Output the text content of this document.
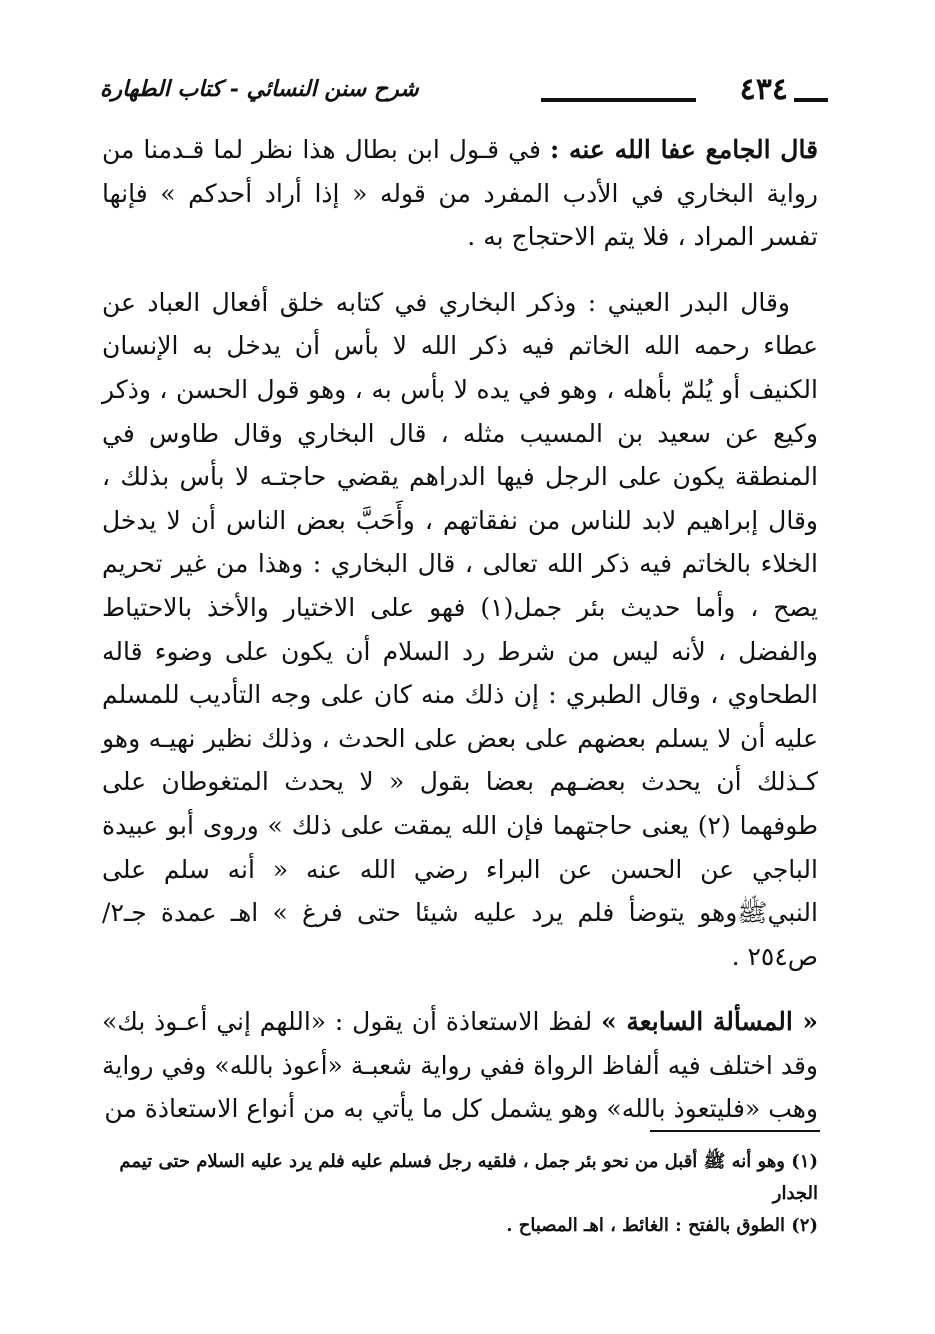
٤٣٤
شرح سنن النسائي - كتاب الطهارة

قال الجامع عفا الله عنه : في قـول ابن بطال هذا نظر لما قـدمنا من رواية البخاري في الأدب المفرد من قوله « إذا أراد أحدكم » فإنها تفسر المراد ، فلا يتم الاحتجاج به .

وقال البدر العيني : وذكر البخاري في كتابه خلق أفعال العباد عن عطاء رحمه الله الخاتم فيه ذكر الله لا بأس أن يدخل به الإنسان الكنيف أو يُلمّ بأهله ، وهو في يده لا بأس به ، وهو قول الحسن ، وذكر وكيع عن سعيد بن المسيب مثله ، قال البخاري وقال طاوس في المنطقة يكون على الرجل فيها الدراهم يقضي حاجتـه لا بأس بذلك ، وقال إبراهيم لابد للناس من نفقاتهم ، وأَحَبَّ بعض الناس أن لا يدخل الخلاء بالخاتم فيه ذكر الله تعالى ، قال البخاري : وهذا من غير تحريم يصح ، وأما حديث بئر جمل(١) فهو على الاختيار والأخذ بالاحتياط والفضل ، لأنه ليس من شرط رد السلام أن يكون على وضوء قاله الطحاوي ، وقال الطبري : إن ذلك منه كان على وجه التأديب للمسلم عليه أن لا يسلم بعضهم على بعض على الحدث ، وذلك نظير نهيـه وهو كـذلك أن يحدث بعضـهم بعضا بقول « لا يحدث المتغوطان على طوفهما (٢) يعنى حاجتهما فإن الله يمقت على ذلك » وروى أبو عبيدة الباجي عن الحسن عن البراء رضي الله عنه « أنه سلم على النبيﷺوهو يتوضأ فلم يرد عليه شيئا حتى فرغ » اهـ عمدة جـ٢/ ص٢٥٤ .

« المسألة السابعة » لفظ الاستعاذة أن يقول : «اللهم إني أعـوذ بك» وقد اختلف فيه ألفاظ الرواة ففي رواية شعبـة «أعوذ بالله» وفي رواية وهب «فليتعوذ بالله» وهو يشمل كل ما يأتي به من أنواع الاستعاذة من

(١) وهو أنه ﷺ أقبل من نحو بئر جمل ، فلقيه رجل فسلم عليه فلم يرد عليه السلام حتى تيمم الجدار

(٢) الطوق بالفتح : الغائط ، اهـ المصباح .
